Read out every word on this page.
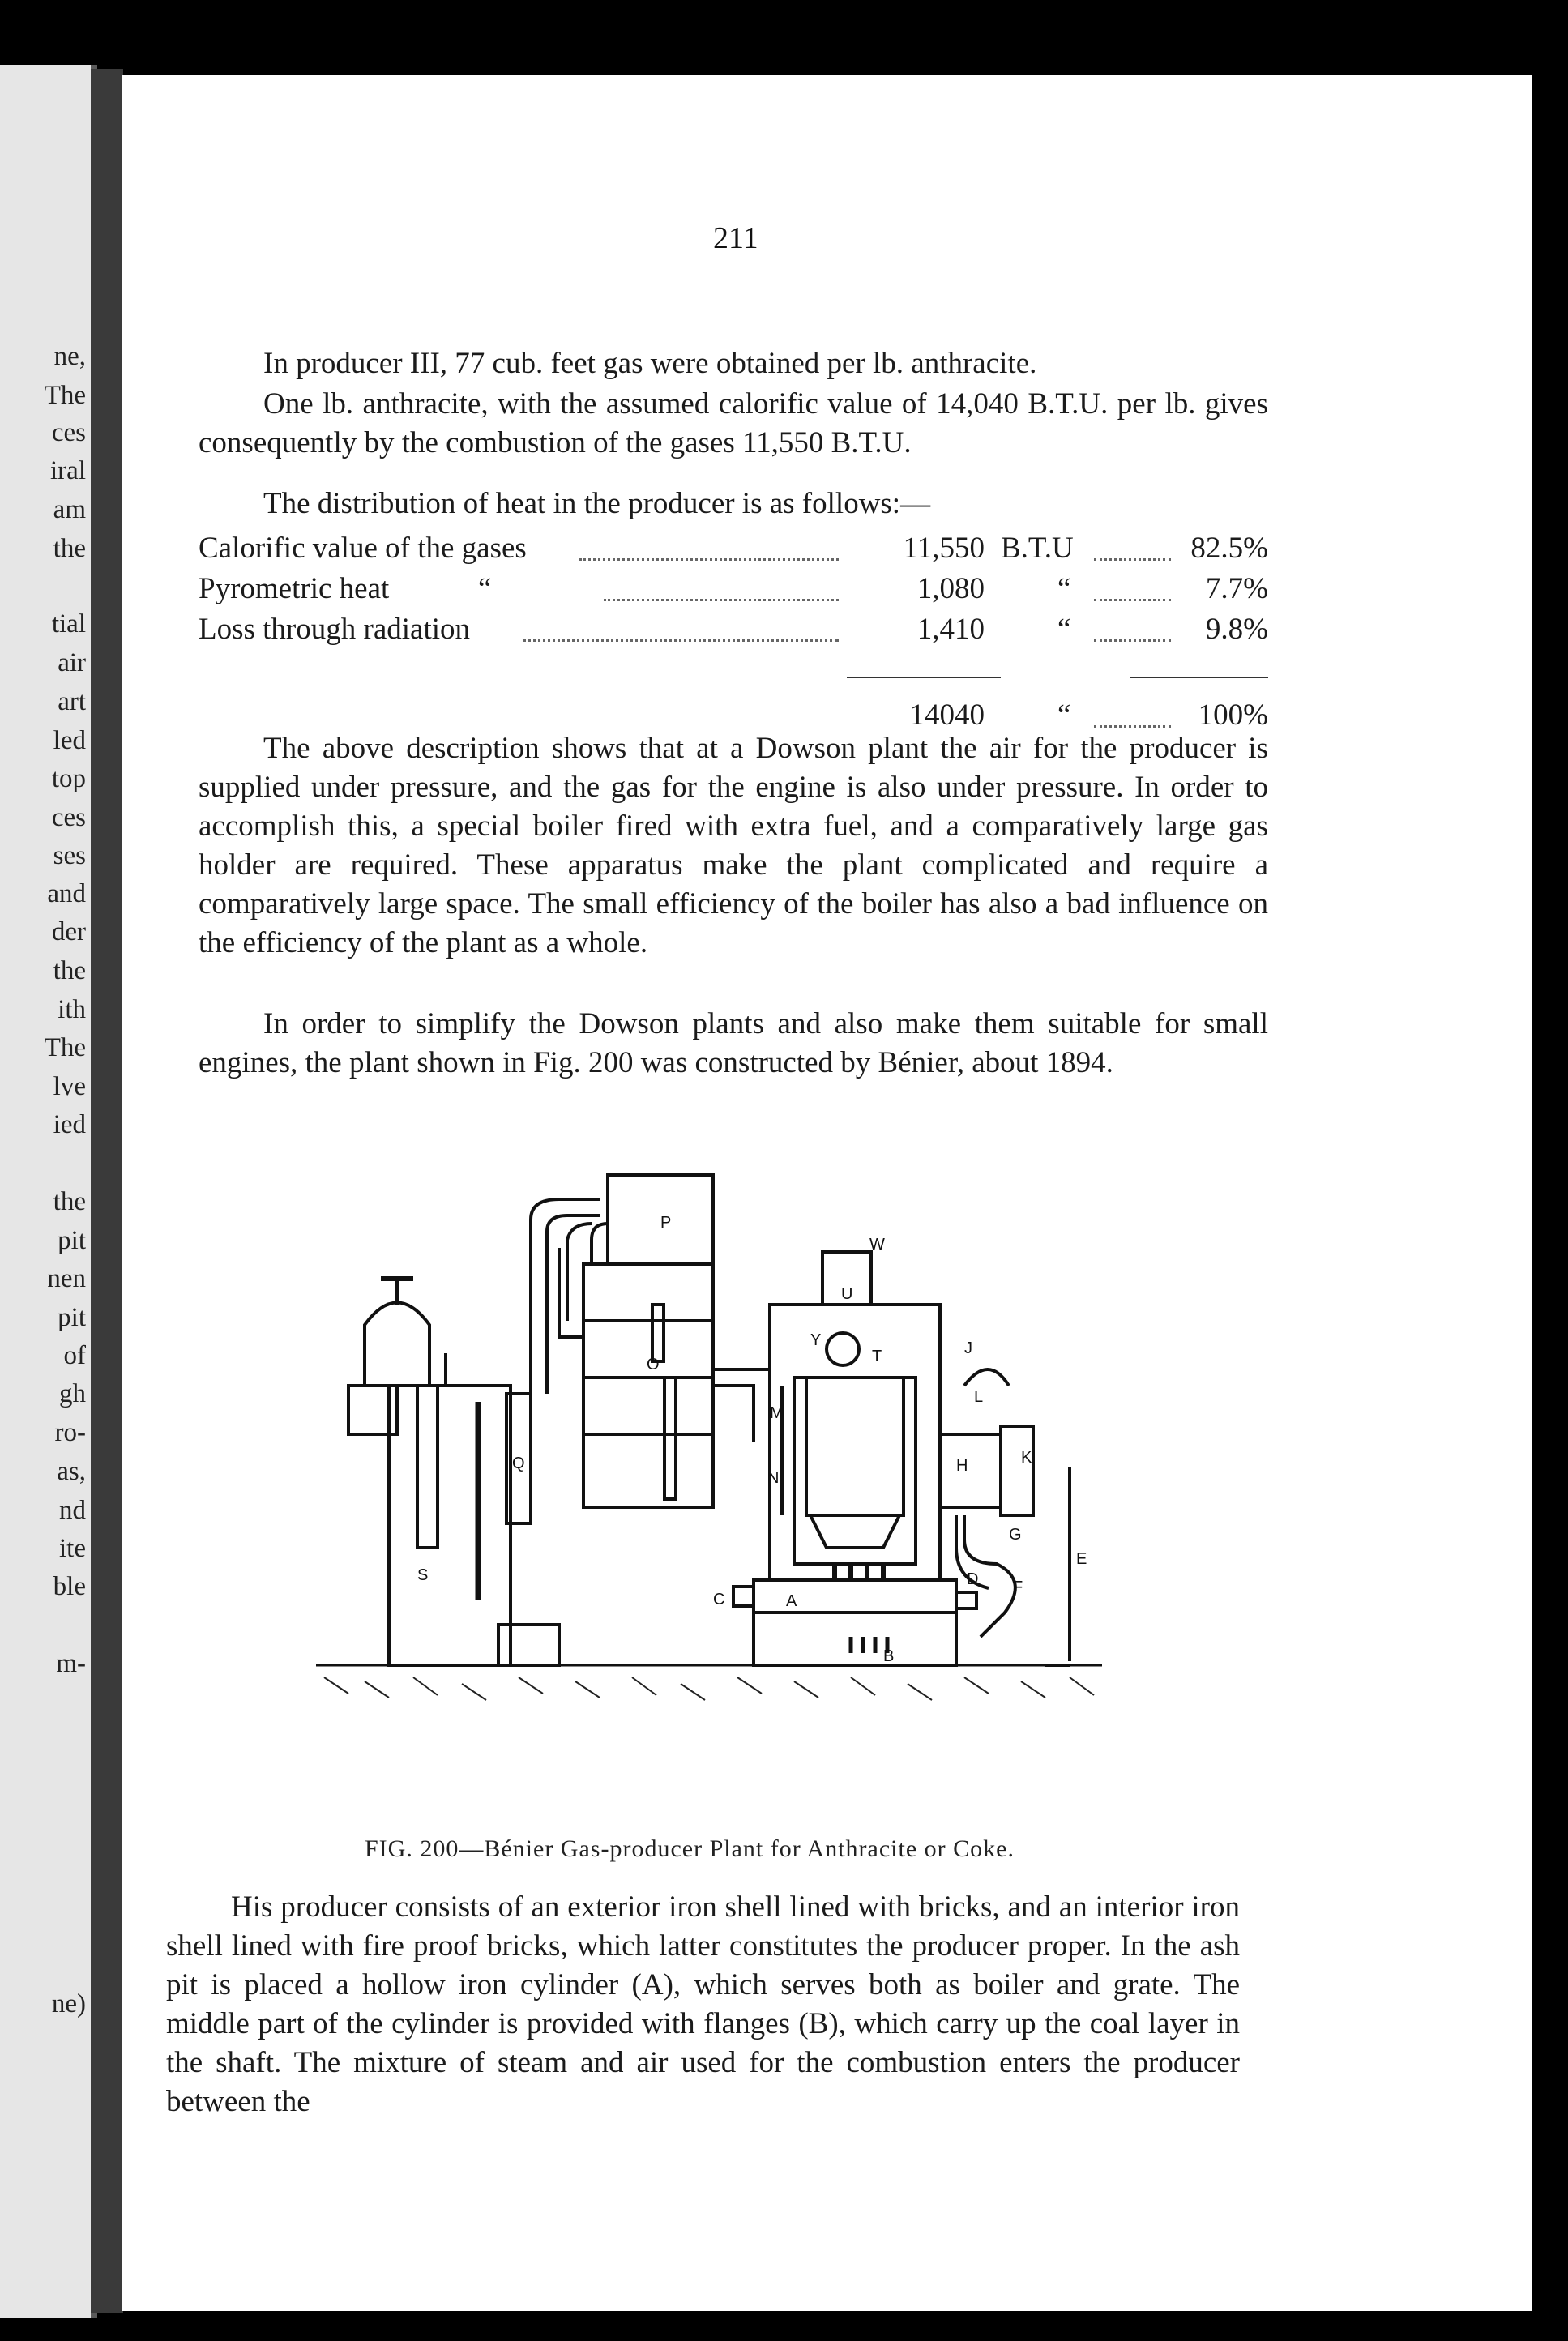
ne,
The
ces
iral
am
the
tial
air
art
led
top
ces
ses
and
der
the
ith
The
lve
ied
the
pit
nen
pit
of
gh
ro-
as,
nd
ite
ble
m-
ne)
211

In producer III, 77 cub. feet gas were obtained per lb. anthracite.

One lb. anthracite, with the assumed calorific value of 14,040 B.T.U. per lb. gives consequently by the combustion of the gases 11,550 B.T.U.

The distribution of heat in the producer is as follows:—

Calorific value of the gases	11,550 B.T.U	82.5%
Pyrometric heat	“	1,080 “	7.7%
Loss through radiation	1,410 “	9.8%
14040 “	100%

The above description shows that at a Dowson plant the air for the producer is supplied under pressure, and the gas for the engine is also under pressure. In order to accomplish this, a special boiler fired with extra fuel, and a comparatively large gas holder are required. These apparatus make the plant complicated and require a comparatively large space. The small efficiency of the boiler has also a bad influence on the efficiency of the plant as a whole.

In order to simplify the Dowson plants and also make them suitable for small engines, the plant shown in Fig. 200 was constructed by Bénier, about 1894.

P
O
S
Q
W
U
Y
T	J
L
K
H
M
N
G
E
D F
C	A
B
FIG. 200—Bénier Gas-producer Plant for Anthracite or Coke.

His producer consists of an exterior iron shell lined with bricks, and an interior iron shell lined with fire proof bricks, which latter constitutes the producer proper. In the ash pit is placed a hollow iron cylinder (A), which serves both as boiler and grate. The middle part of the cylinder is provided with flanges (B), which carry up the coal layer in the shaft. The mixture of steam and air used for the combustion enters the producer between the
